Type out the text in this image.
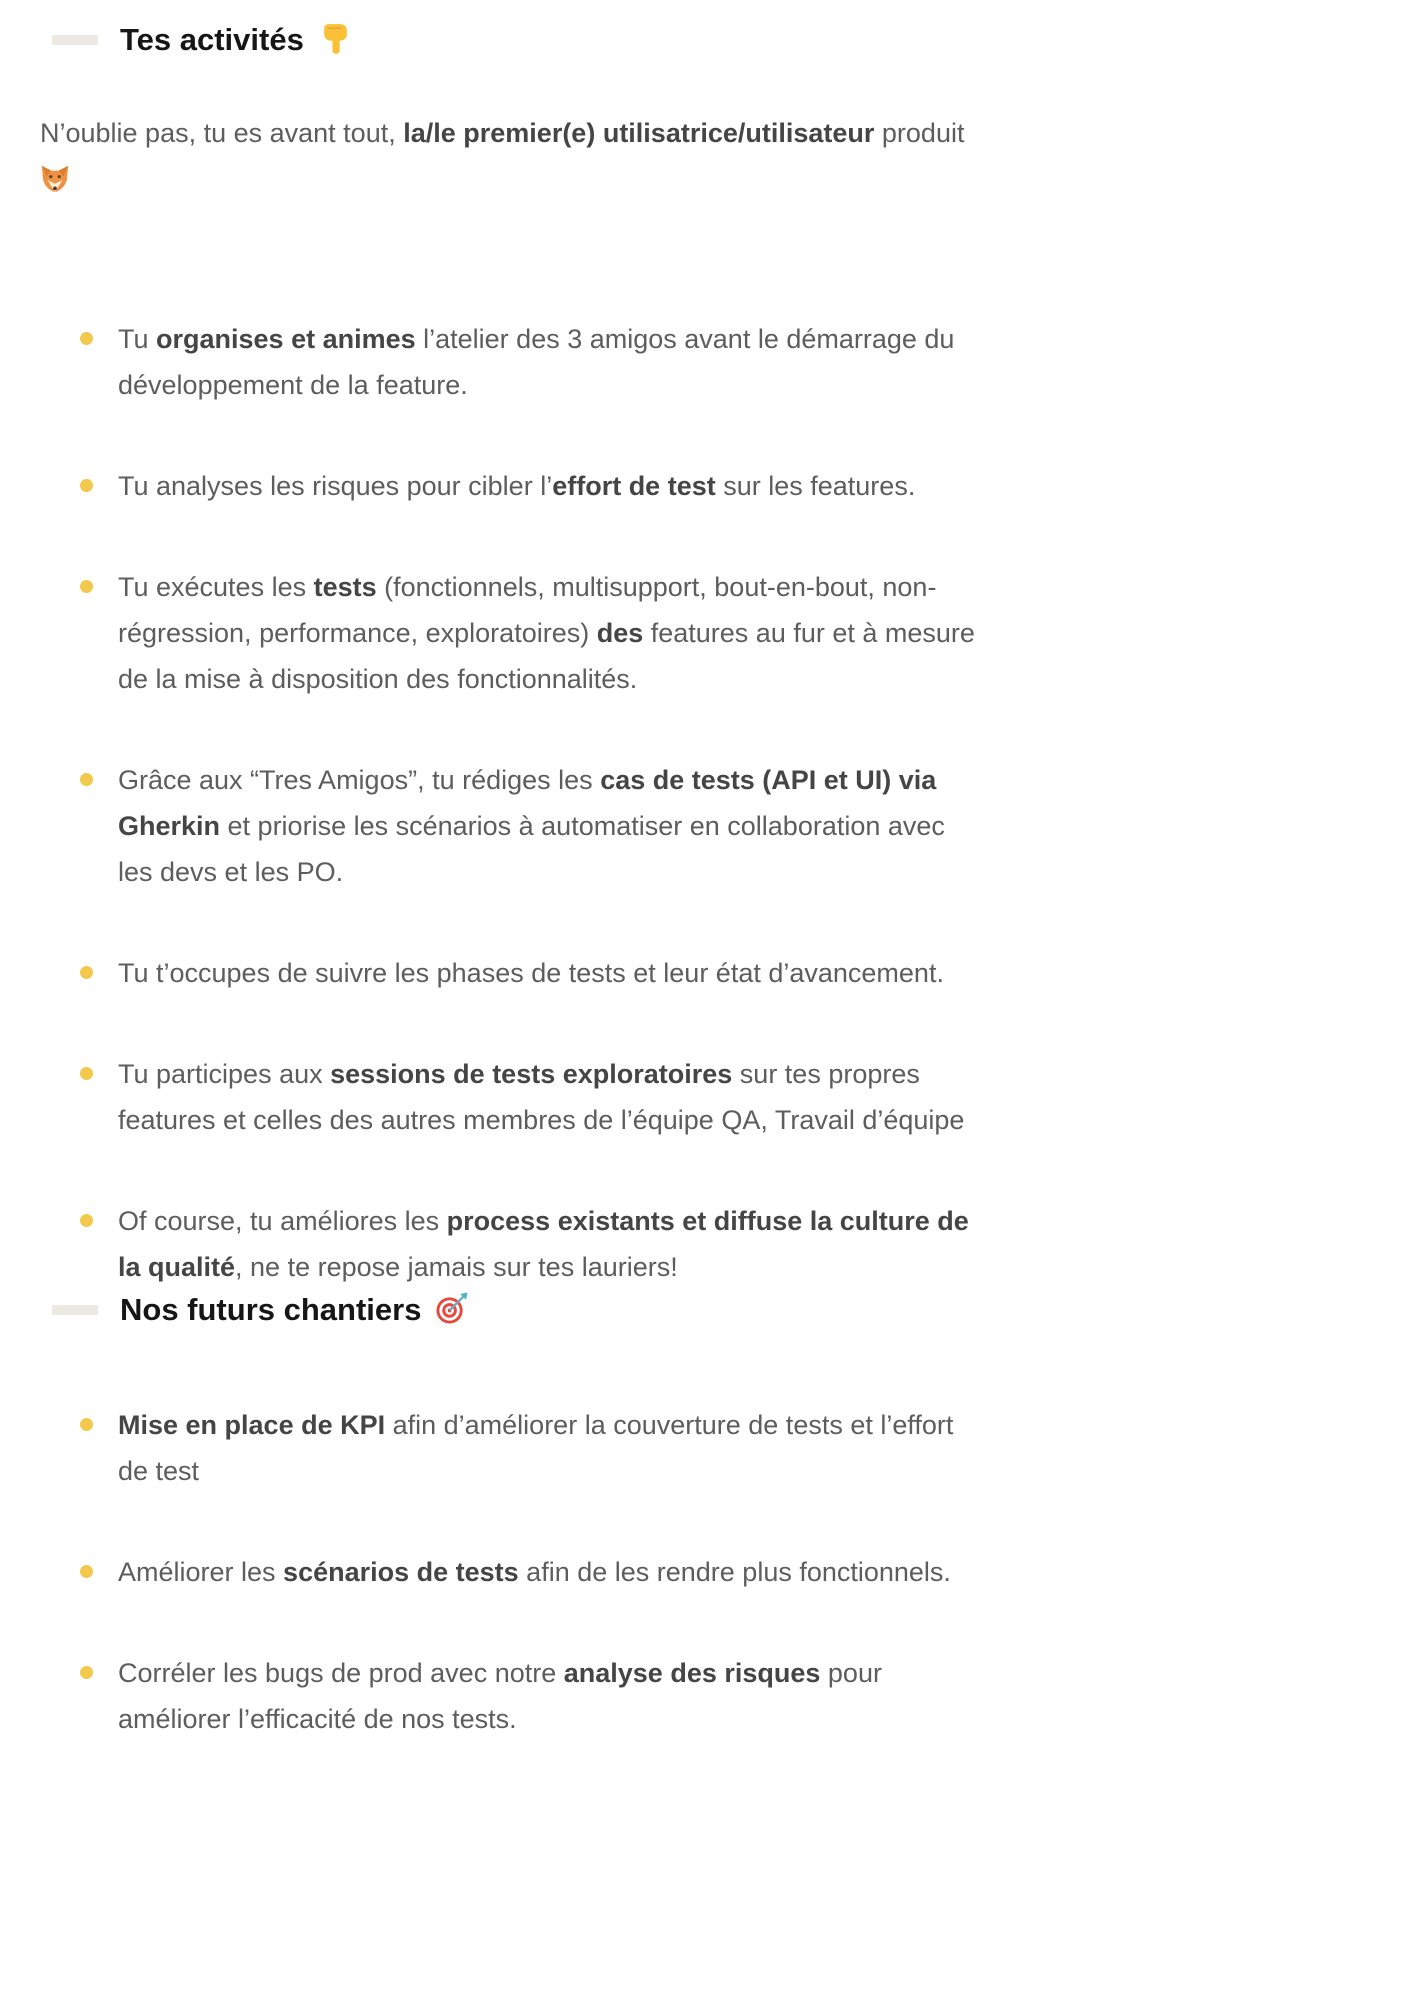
Tes activités

N’oublie pas, tu es avant tout, la/le premier(e) utilisatrice/utilisateur produit

Tu organises et animes l’atelier des 3 amigos avant le démarrage du développement de la feature.
Tu analyses les risques pour cibler l’effort de test sur les features.
Tu exécutes les tests (fonctionnels, multisupport, bout-en-bout, non-régression, performance, exploratoires) des features au fur et à mesure de la mise à disposition des fonctionnalités.
Grâce aux “Tres Amigos”, tu rédiges les cas de tests (API et UI) via Gherkin et priorise les scénarios à automatiser en collaboration avec les devs et les PO.
Tu t’occupes de suivre les phases de tests et leur état d’avancement.
Tu participes aux sessions de tests exploratoires sur tes propres features et celles des autres membres de l’équipe QA, Travail d’équipe
Of course, tu améliores les process existants et diffuse la culture de la qualité, ne te repose jamais sur tes lauriers!
Nos futurs chantiers
Mise en place de KPI afin d’améliorer la couverture de tests et l’effort de test
Améliorer les scénarios de tests afin de les rendre plus fonctionnels.
Corréler les bugs de prod avec notre analyse des risques pour améliorer l’efficacité de nos tests.
